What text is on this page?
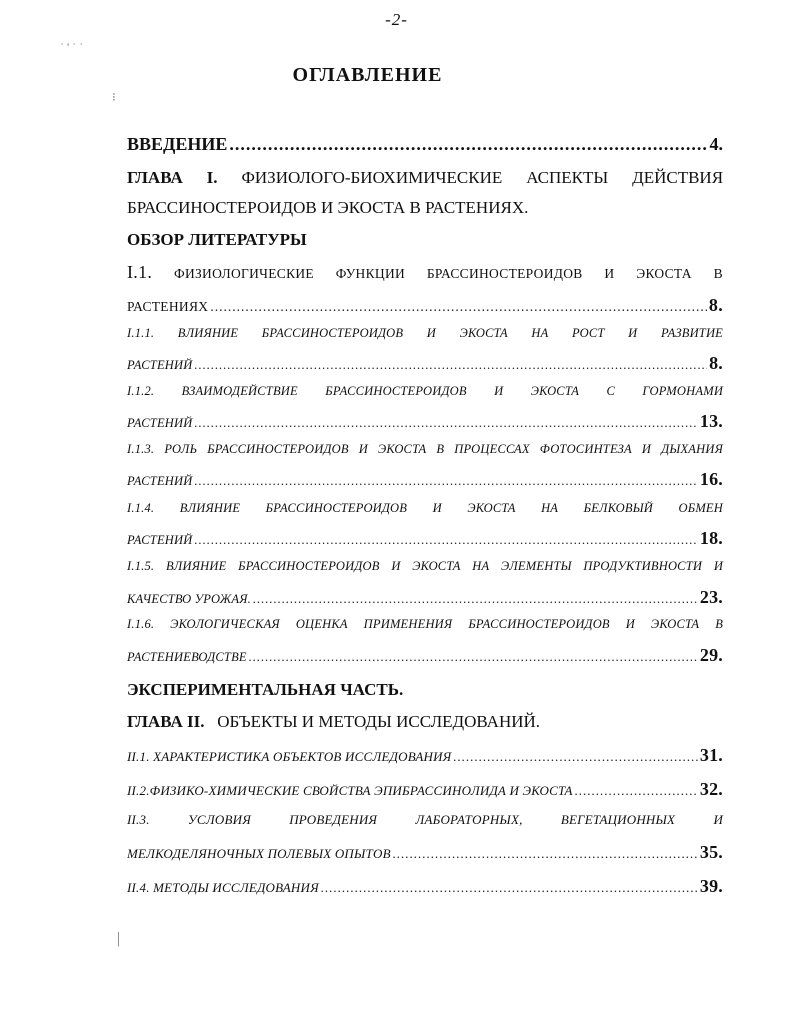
-2-
ОГЛАВЛЕНИЕ
˙ ' ˙ ˙
⁝
|
ВВЕДЕНИЕ .....	4.
ГЛАВА I. ФИЗИОЛОГО-БИОХИМИЧЕСКИЕ АСПЕКТЫ ДЕЙСТВИЯ
БРАССИНОСТЕРОИДОВ И ЭКОСТА В РАСТЕНИЯХ.
ОБЗОР ЛИТЕРАТУРЫ
I.1. ФИЗИОЛОГИЧЕСКИЕ ФУНКЦИИ БРАССИНОСТЕРОИДОВ И ЭКОСТА В
РАСТЕНИЯХ .....	8.
I.1.1. ВЛИЯНИЕ БРАССИНОСТЕРОИДОВ И ЭКОСТА НА РОСТ И РАЗВИТИЕ
РАСТЕНИЙ .....	8.
I.1.2. ВЗАИМОДЕЙСТВИЕ БРАССИНОСТЕРОИДОВ И ЭКОСТА С ГОРМОНАМИ
РАСТЕНИЙ .....	13.
I.1.3. РОЛЬ БРАССИНОСТЕРОИДОВ И ЭКОСТА В ПРОЦЕССАХ ФОТОСИНТЕЗА И ДЫХАНИЯ
РАСТЕНИЙ .....	16.
I.1.4. ВЛИЯНИЕ БРАССИНОСТЕРОИДОВ И ЭКОСТА НА БЕЛКОВЫЙ ОБМЕН
РАСТЕНИЙ .....	18.
I.1.5. ВЛИЯНИЕ БРАССИНОСТЕРОИДОВ И ЭКОСТА НА ЭЛЕМЕНТЫ ПРОДУКТИВНОСТИ И
КАЧЕСТВО УРОЖАЯ. .....	23.
I.1.6. ЭКОЛОГИЧЕСКАЯ ОЦЕНКА ПРИМЕНЕНИЯ БРАССИНОСТЕРОИДОВ И ЭКОСТА В
РАСТЕНИЕВОДСТВЕ .....	29.
ЭКСПЕРИМЕНТАЛЬНАЯ ЧАСТЬ.
ГЛАВА II. ОБЪЕКТЫ И МЕТОДЫ ИССЛЕДОВАНИЙ.
II.1. ХАРАКТЕРИСТИКА ОБЪЕКТОВ ИССЛЕДОВАНИЯ .....	31.
II.2.ФИЗИКО-ХИМИЧЕСКИЕ СВОЙСТВА ЭПИБРАССИНОЛИДА И ЭКОСТА .....	32.
II.3.	УСЛОВИЯ	ПРОВЕДЕНИЯ	ЛАБОРАТОРНЫХ,	ВЕГЕТАЦИОННЫХ	И
МЕЛКОДЕЛЯНОЧНЫХ ПОЛЕВЫХ ОПЫТОВ .....	35.
II.4. МЕТОДЫ ИССЛЕДОВАНИЯ .....	39.
